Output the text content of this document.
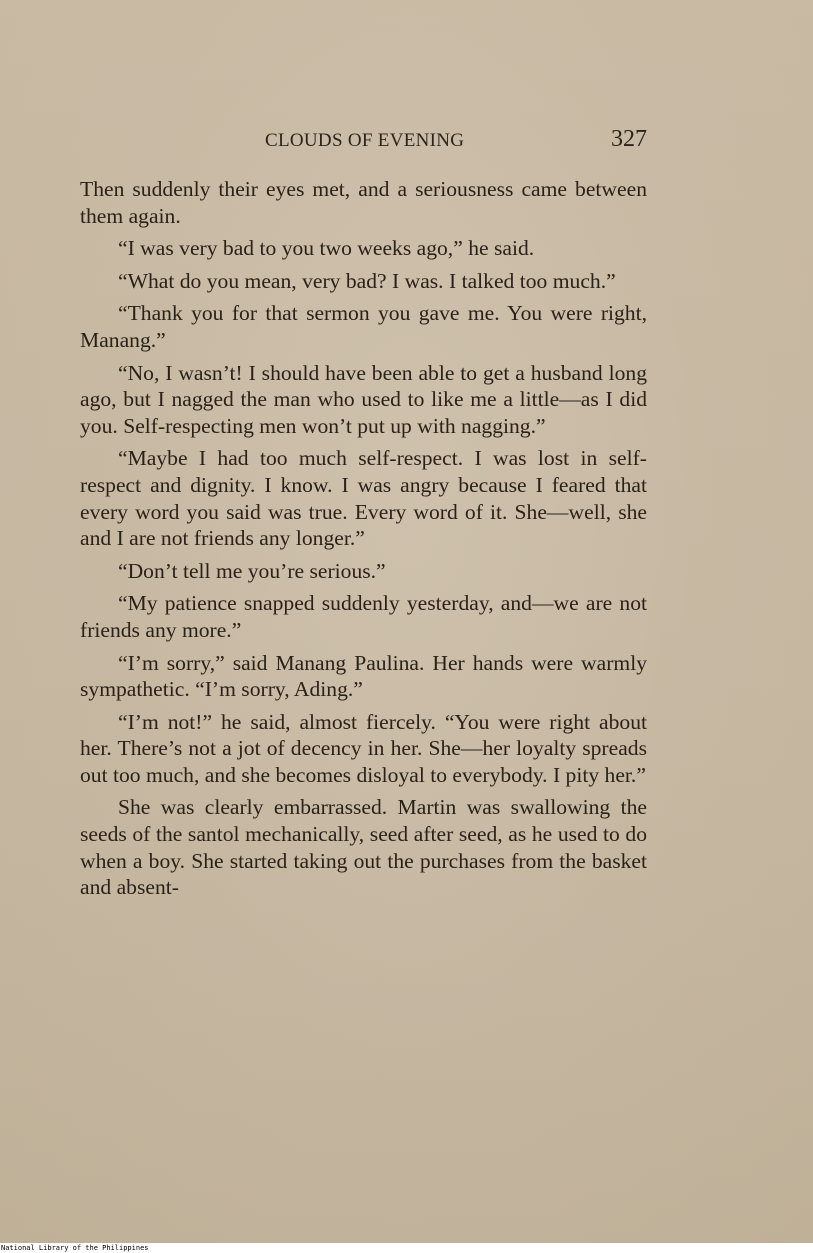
CLOUDS OF EVENING	327

Then suddenly their eyes met, and a seriousness came between them again.

“I was very bad to you two weeks ago,” he said.

“What do you mean, very bad? I was. I talked too much.”

“Thank you for that sermon you gave me. You were right, Manang.”

“No, I wasn’t! I should have been able to get a husband long ago, but I nagged the man who used to like me a little—as I did you. Self-respecting men won’t put up with nagging.”

“Maybe I had too much self-respect. I was lost in self-respect and dignity. I know. I was angry because I feared that every word you said was true. Every word of it. She—well, she and I are not friends any longer.”

“Don’t tell me you’re serious.”

“My patience snapped suddenly yesterday, and—we are not friends any more.”

“I’m sorry,” said Manang Paulina. Her hands were warmly sympathetic. “I’m sorry, Ading.”

“I’m not!” he said, almost fiercely. “You were right about her. There’s not a jot of decency in her. She—her loyalty spreads out too much, and she becomes disloyal to everybody. I pity her.”

She was clearly embarrassed. Martin was swallowing the seeds of the santol mechanically, seed after seed, as he used to do when a boy. She started taking out the purchases from the basket and absent-

National Library of the Philippines
